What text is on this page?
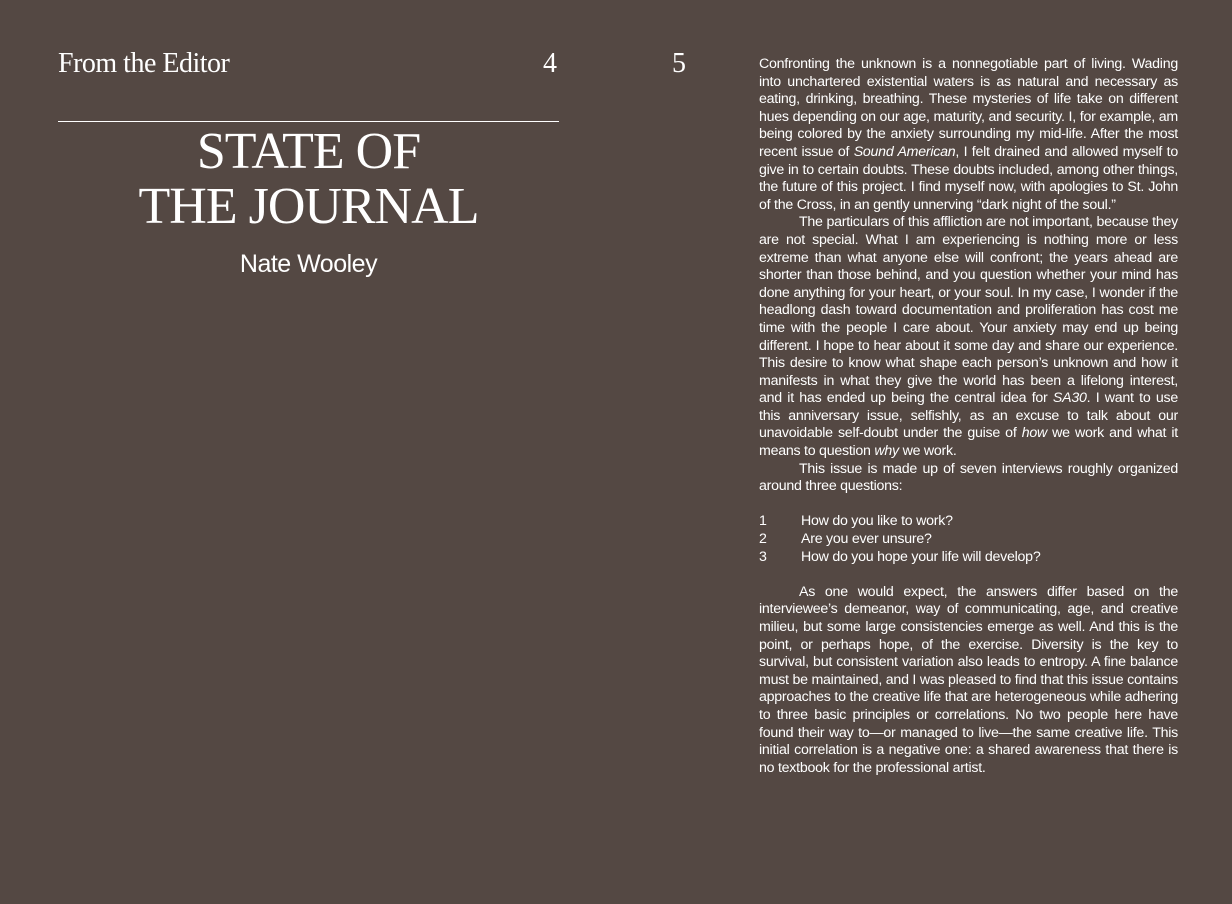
From the Editor	4	5
STATE OF
THE JOURNAL
Nate Wooley

Confronting the unknown is a nonnegotiable part of living. Wading into unchartered existential waters is as natural and necessary as eating, drinking, breathing. These mysteries of life take on different hues depending on our age, maturity, and security. I, for example, am being colored by the anxiety surrounding my mid-life. After the most recent issue of Sound American, I felt drained and allowed myself to give in to certain doubts. These doubts included, among other things, the future of this project. I find myself now, with apologies to St. John of the Cross, in an gently unnerving “dark night of the soul.”

The particulars of this affliction are not important, because they are not special. What I am experiencing is nothing more or less extreme than what anyone else will confront; the years ahead are shorter than those behind, and you question whether your mind has done anything for your heart, or your soul. In my case, I wonder if the headlong dash toward documentation and proliferation has cost me time with the people I care about. Your anxiety may end up being different. I hope to hear about it some day and share our experience. This desire to know what shape each person’s unknown and how it manifests in what they give the world has been a lifelong interest, and it has ended up being the central idea for SA30. I want to use this anniversary issue, selfishly, as an excuse to talk about our unavoidable self-doubt under the guise of how we work and what it means to question why we work.

This issue is made up of seven interviews roughly organized around three questions:

1	How do you like to work?
2	Are you ever unsure?
3	How do you hope your life will develop?

As one would expect, the answers differ based on the interviewee’s demeanor, way of communicating, age, and creative milieu, but some large consistencies emerge as well. And this is the point, or perhaps hope, of the exercise. Diversity is the key to survival, but consistent variation also leads to entropy. A fine balance must be maintained, and I was pleased to find that this issue contains approaches to the creative life that are heterogeneous while adhering to three basic principles or correlations. No two people here have found their way to—or managed to live—the same creative life. This initial correlation is a negative one: a shared awareness that there is no textbook for the professional artist.
